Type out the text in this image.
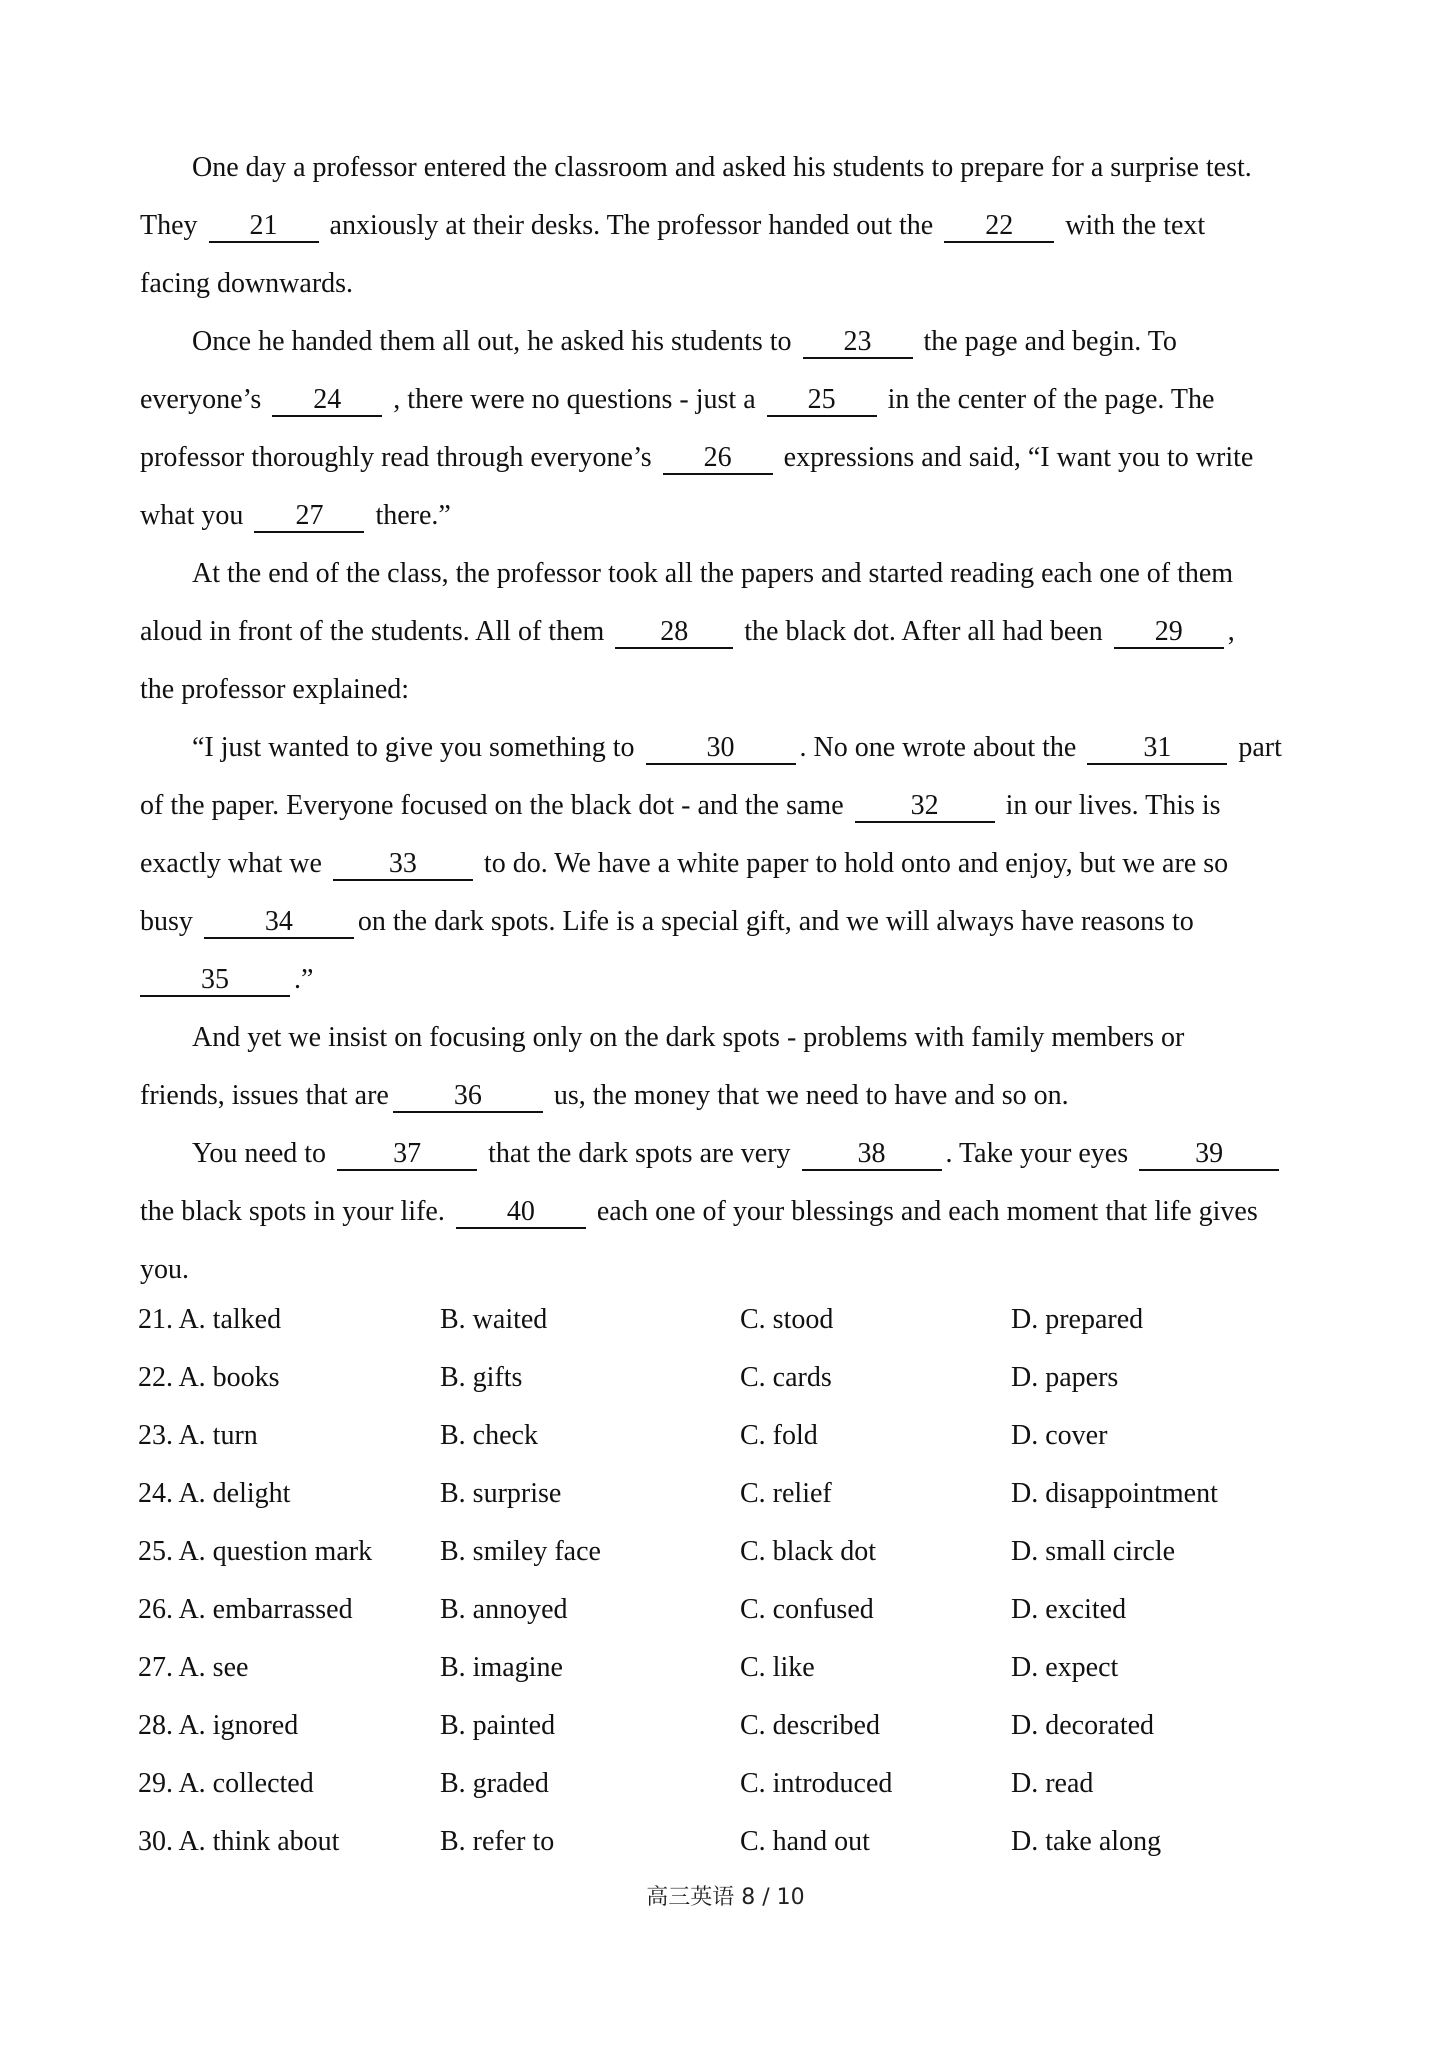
One day a professor entered the classroom and asked his students to prepare for a surprise test.
They 21 anxiously at their desks. The professor handed out the 22 with the text
facing downwards.
Once he handed them all out, he asked his students to 23 the page and begin. To
everyone’s 24 , there were no questions - just a 25 in the center of the page. The
professor thoroughly read through everyone’s 26 expressions and said, “I want you to write
what you 27 there.”
At the end of the class, the professor took all the papers and started reading each one of them
aloud in front of the students. All of them 28 the black dot. After all had been 29 ,
the professor explained:
“I just wanted to give you something to	30 . No one wrote about the 31 part
of the paper. Everyone focused on the black dot - and the same 32 in our lives. This is
exactly what we 33 to do. We have a white paper to hold onto and enjoy, but we are so
busy	34 on the dark spots. Life is a special gift, and we will always have reasons to
35 .”
And yet we insist on focusing only on the dark spots - problems with family members or
friends, issues that are 36	us, the money that we need to have and so on.
You need to 37 that the dark spots are very 38 . Take your eyes 39
the black spots in your life. 40 each one of your blessings and each moment that life gives
you.
21. A. talked	B. waited	C. stood	D. prepared
22. A. books	B. gifts	C. cards	D. papers
23. A. turn	B. check	C. fold	D. cover
24. A. delight	B. surprise	C. relief	D. disappointment
25. A. question mark B. smiley face	C. black dot	D. small circle
26. A. embarrassed	B. annoyed	C. confused	D. excited
27. A. see	B. imagine	C. like	D. expect
28. A. ignored	B. painted	C. described	D. decorated
29. A. collected	B. graded	C. introduced	D. read
30. A. think about	B. refer to	C. hand out	D. take along
高三英语 8 / 10
